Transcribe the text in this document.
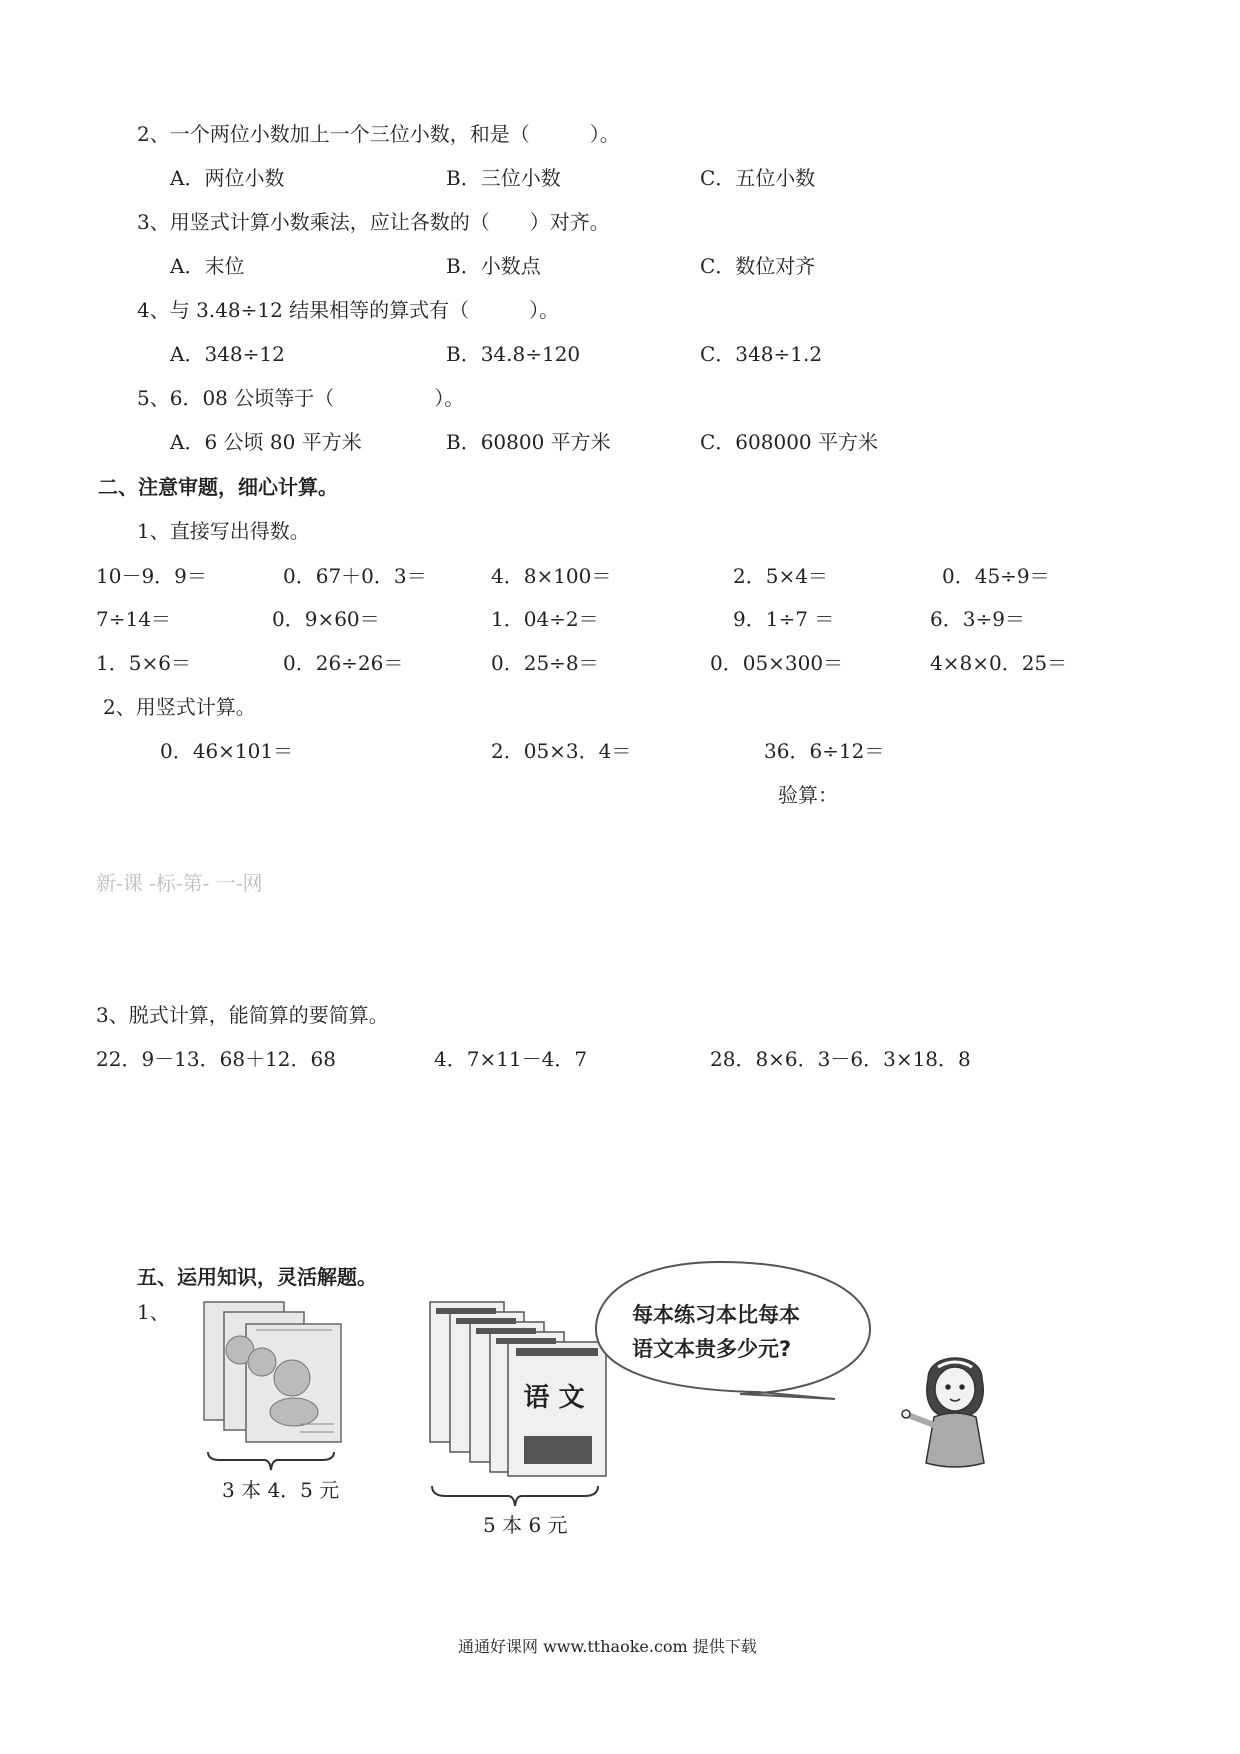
2、一个两位小数加上一个三位小数，和是（　　　）。
A．两位小数	B．三位小数	C．五位小数
3、用竖式计算小数乘法，应让各数的（　　）对齐。
A．末位	B．小数点	C．数位对齐
4、与 3.48÷12 结果相等的算式有（　　　）。
A．348÷12	B．34.8÷120	C．348÷1.2
5、6．08 公顷等于（　　　　　）。
A．6 公顷 80 平方米	B．60800 平方米	C．608000 平方米
二、注意审题，细心计算。
1、直接写出得数。
10－9．9＝	0．67＋0．3＝	4．8×100＝	2．5×4＝	0．45÷9＝
7÷14＝	0．9×60＝	1．04÷2＝	9．1÷7 ＝	6．3÷9＝
1．5×6＝	0．26÷26＝	0．25÷8＝	0．05×300＝	4×8×0．25＝
2、用竖式计算。
0．46×101＝	2．05×3．4＝	36．6÷12＝
验算：
新-课 -标-第- 一-网
3、脱式计算，能简算的要简算。
22．9－13．68＋12．68	4．7×11－4．7	28．8×6．3－6．3×18．8
五、运用知识，灵活解题。
1、
3 本 4．5 元
语 文
5 本 6 元
每本练习本比每本
语文本贵多少元?
通通好课网 www.tthaoke.com 提供下载
